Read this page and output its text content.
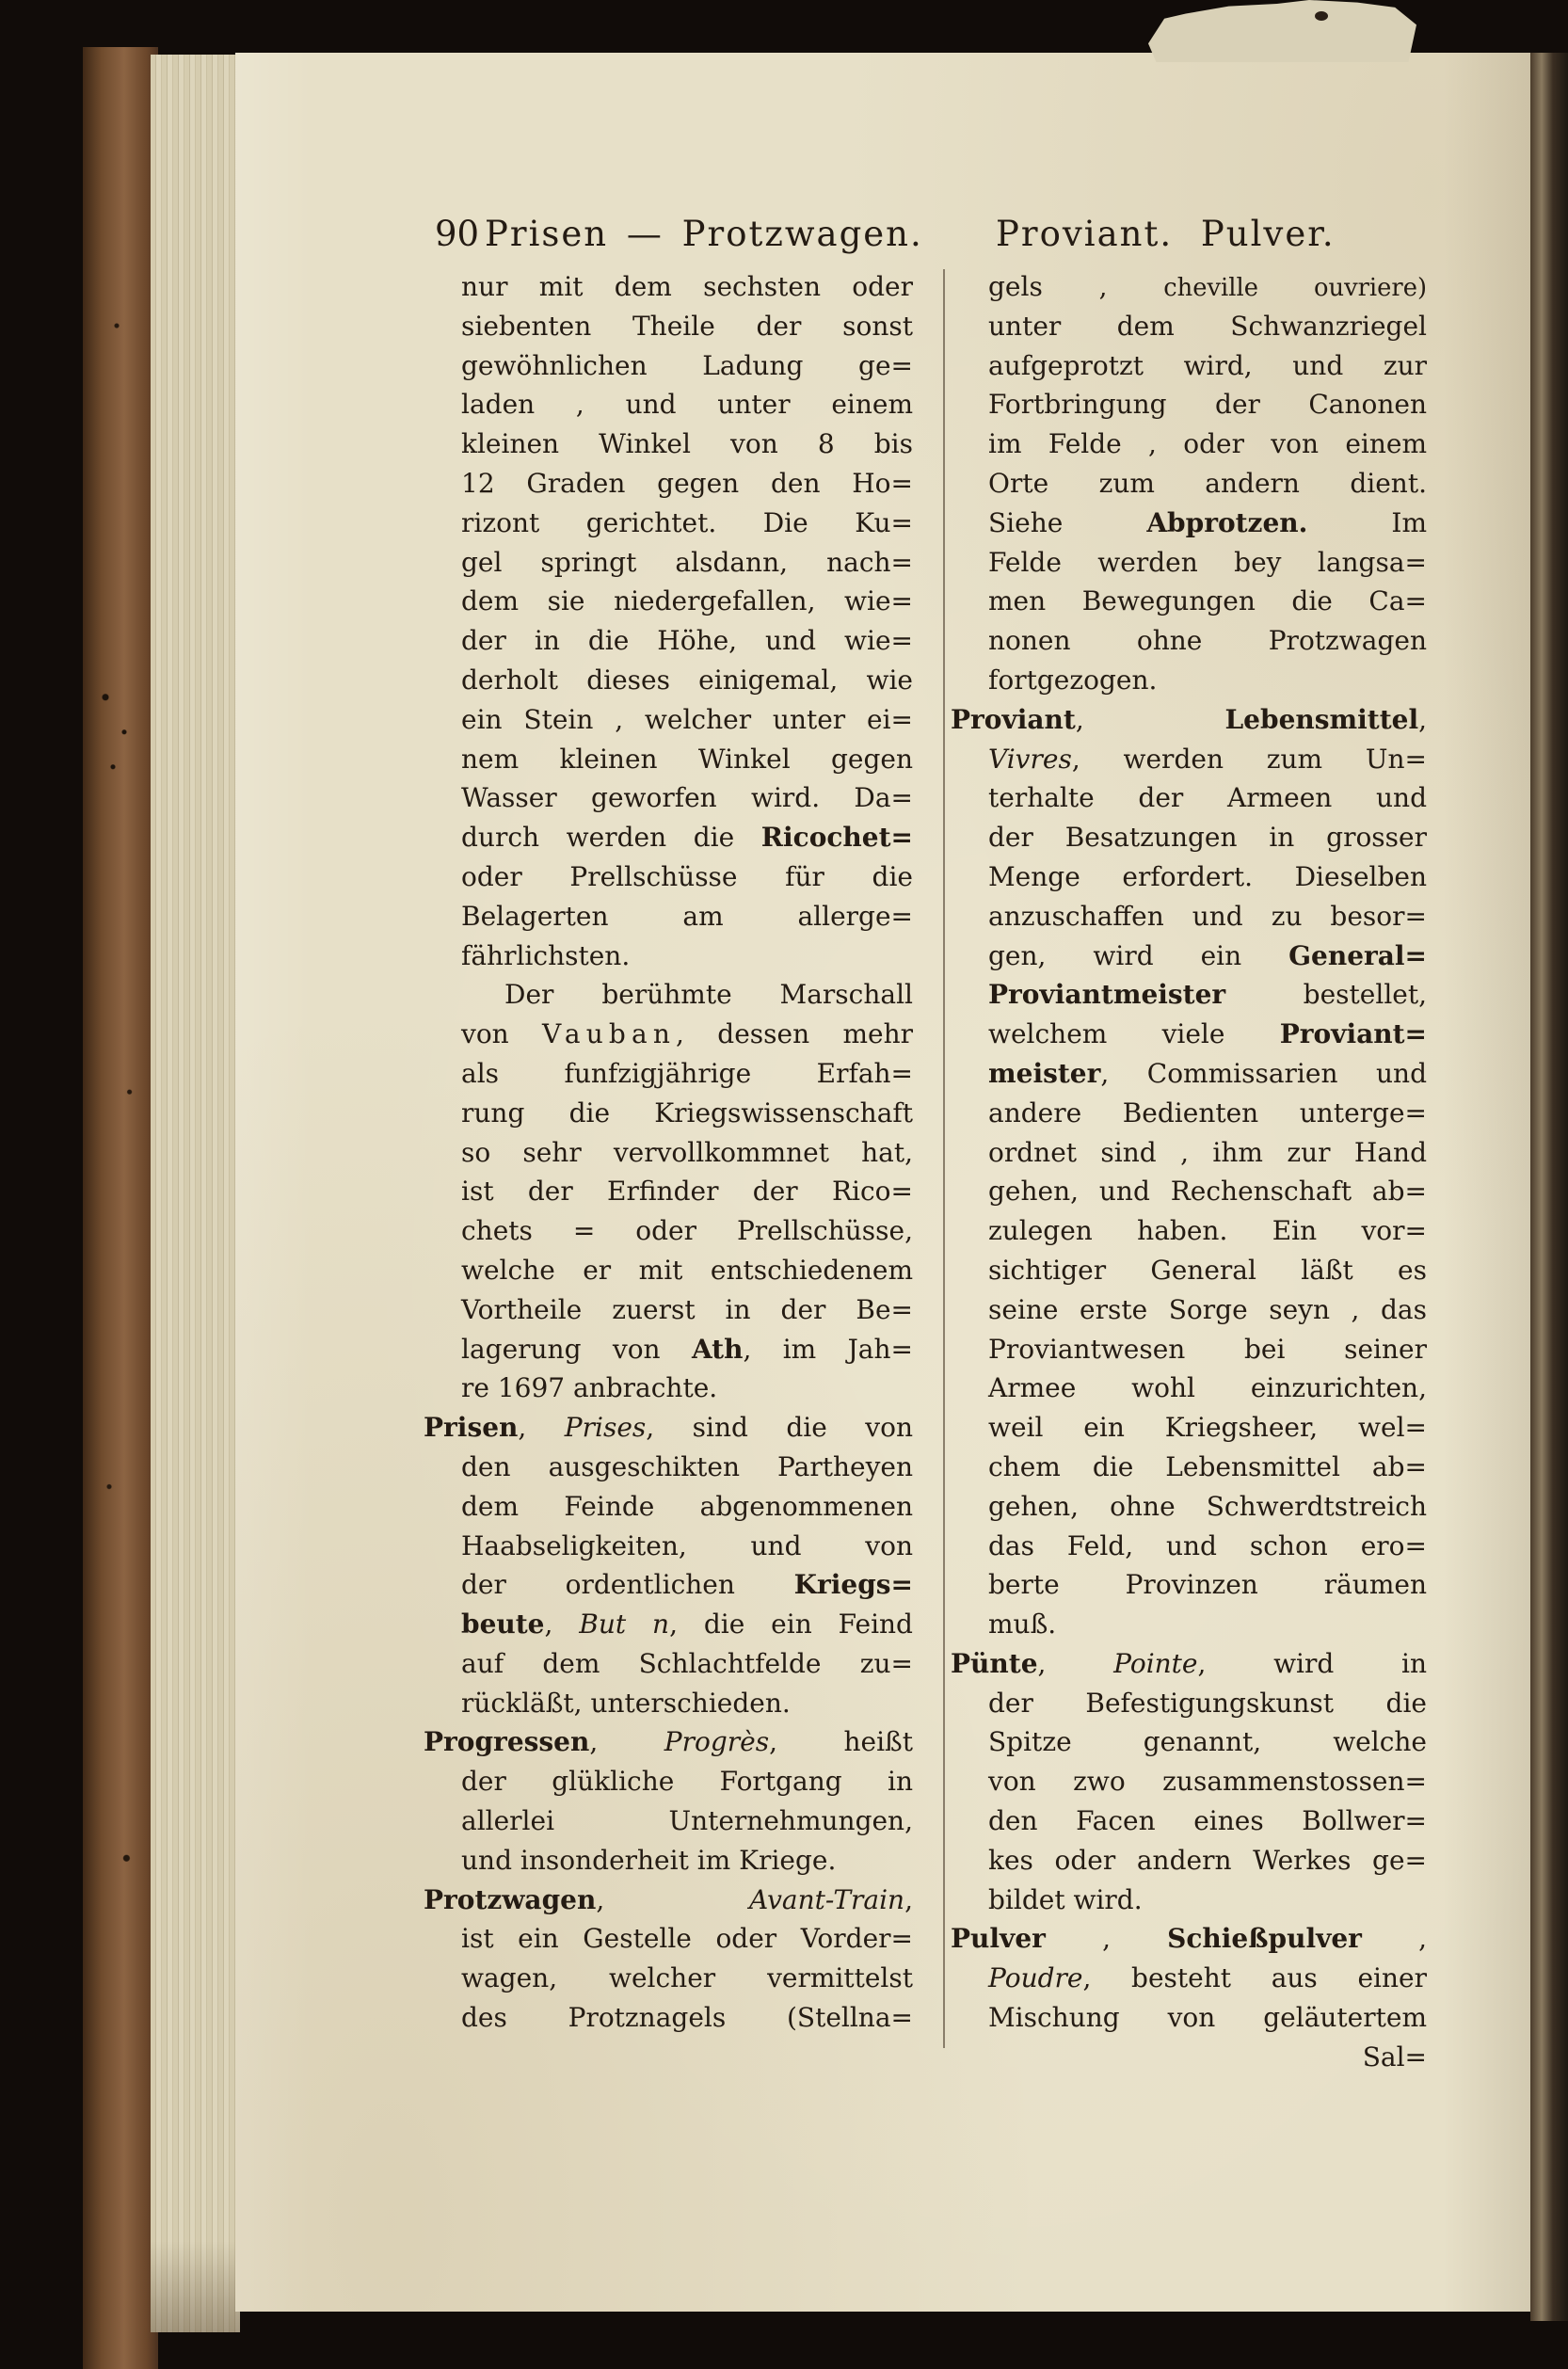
90 Prisen — Protzwagen. Proviant. Pulver.
nur mit dem sechsten oder
siebenten Theile der sonst
gewöhnlichen Ladung ge=
laden , und unter einem
kleinen Winkel von 8 bis
12 Graden gegen den Ho=
rizont gerichtet. Die Ku=
gel springt alsdann, nach=
dem sie niedergefallen, wie=
der in die Höhe, und wie=
derholt dieses einigemal, wie
ein Stein , welcher unter ei=
nem kleinen Winkel gegen
Wasser geworfen wird. Da=
durch werden die Ricochet=
oder Prellschüsse für die
Belagerten am allerge=
fährlichsten.
Der berühmte Marschall
von Vauban, dessen mehr
als funfzigjährige Erfah=
rung die Kriegswissenschaft
so sehr vervollkommnet hat,
ist der Erfinder der Rico=
chets = oder Prellschüsse,
welche er mit entschiedenem
Vortheile zuerst in der Be=
lagerung von Ath, im Jah=
re 1697 anbrachte.
Prisen, Prises, sind die von
den ausgeschikten Partheyen
dem Feinde abgenommenen
Haabseligkeiten, und von
der ordentlichen Kriegs=
beute, But n, die ein Feind
auf dem Schlachtfelde zu=
rückläßt, unterschieden.
Progressen, Progrès, heißt
der glükliche Fortgang in
allerlei Unternehmungen,
und insonderheit im Kriege.
Protzwagen, Avant-Train,
ist ein Gestelle oder Vorder=
wagen, welcher vermittelst
des Protznagels (Stellna=
gels , cheville ouvriere)
unter dem Schwanzriegel
aufgeprotzt wird, und zur
Fortbringung der Canonen
im Felde , oder von einem
Orte zum andern dient.
Siehe Abprotzen. Im
Felde werden bey langsa=
men Bewegungen die Ca=
nonen ohne Protzwagen
fortgezogen.
Proviant, Lebensmittel,
Vivres, werden zum Un=
terhalte der Armeen und
der Besatzungen in grosser
Menge erfordert. Dieselben
anzuschaffen und zu besor=
gen, wird ein General=
Proviantmeister bestellet,
welchem viele Proviant=
meister, Commissarien und
andere Bedienten unterge=
ordnet sind , ihm zur Hand
gehen, und Rechenschaft ab=
zulegen haben. Ein vor=
sichtiger General läßt es
seine erste Sorge seyn , das
Proviantwesen bei seiner
Armee wohl einzurichten,
weil ein Kriegsheer, wel=
chem die Lebensmittel ab=
gehen, ohne Schwerdtstreich
das Feld, und schon ero=
berte Provinzen räumen
muß.
Pünte, Pointe, wird in
der Befestigungskunst die
Spitze genannt, welche
von zwo zusammenstossen=
den Facen eines Bollwer=
kes oder andern Werkes ge=
bildet wird.
Pulver , Schießpulver ,
Poudre, besteht aus einer
Mischung von geläutertem
Sal=
